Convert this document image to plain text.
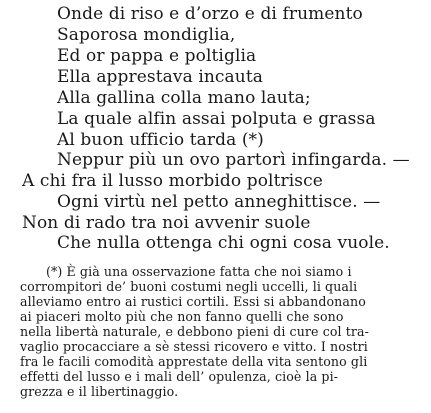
Onde di riso e d’orzo e di frumento
Saporosa mondiglia,
Ed or pappa e poltiglia
Ella apprestava incauta
Alla gallina colla mano lauta;
La quale alfin assai polputa e grassa
Al buon ufficio tarda (*)
Neppur più un ovo partorì infingarda. —
A chi fra il lusso morbido poltrisce
Ogni virtù nel petto anneghittisce. —
Non di rado tra noi avvenir suole
Che nulla ottenga chi ogni cosa vuole.
(*) È già una osservazione fatta che noi siamo i
corrompitori de’ buoni costumi negli uccelli, li quali
alleviamo entro ai rustici cortili. Essi si abbandonano
ai piaceri molto più che non fanno quelli che sono
nella libertà naturale, e debbono pieni di cure col tra-
vaglio procacciare a sè stessi ricovero e vitto. I nostri
fra le facili comodità apprestate della vita sentono gli
effetti del lusso e i mali dell’ opulenza, cioè la pi-
grezza e il libertinaggio.
